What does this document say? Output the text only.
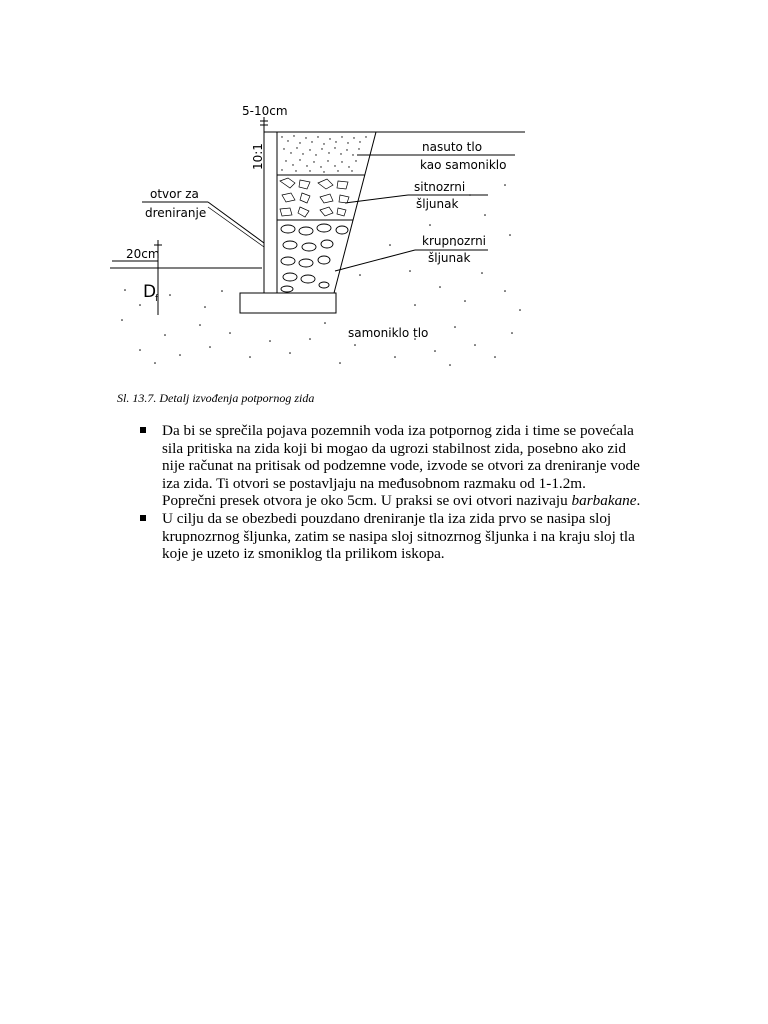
5-10cm
10:1	nasuto tlo
kao samoniklo
sitnozrni
šljunak
krupnozrni
šljunak
otvor za
dreniranje
20cm
D
f
samoniklo tlo
Sl. 13.7. Detalj izvođenja potpornog zida
Da bi se sprečila pojava pozemnih voda iza potpornog zida i time se povećala
sila pritiska na zida koji bi mogao da ugrozi stabilnost zida, posebno ako zid
nije računat na pritisak od podzemne vode, izvode se otvori za dreniranje vode
iza zida. Ti otvori se postavljaju na međusobnom razmaku od 1-1.2m.
Poprečni presek otvora je oko 5cm. U praksi se ovi otvori nazivaju barbakane.
U cilju da se obezbedi pouzdano dreniranje tla iza zida prvo se nasipa sloj
krupnozrnog šljunka, zatim se nasipa sloj sitnozrnog šljunka i na kraju sloj tla
koje je uzeto iz smoniklog tla prilikom iskopa.
